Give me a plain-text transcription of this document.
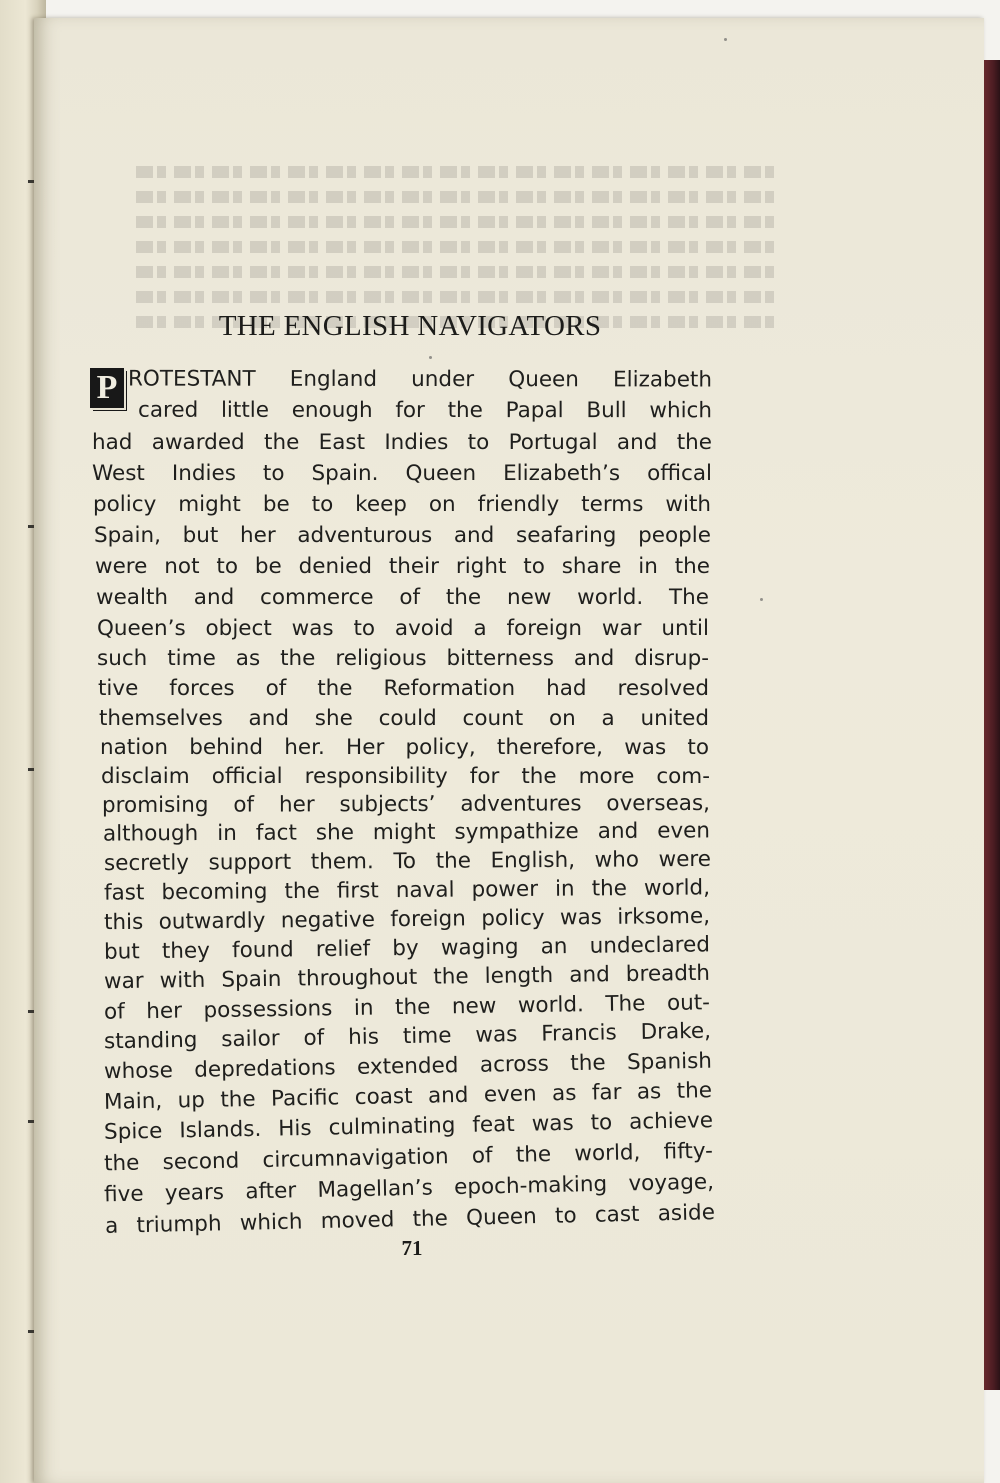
THE ENGLISH NAVIGATORS
P ROTESTANT England under Queen Elizabeth
cared little enough for the Papal Bull which
had awarded the East Indies to Portugal and the
West Indies to Spain. Queen Elizabeth’s offical
policy might be to keep on friendly terms with
Spain, but her adventurous and seafaring people
were not to be denied their right to share in the
wealth and commerce of the new world. The
Queen’s object was to avoid a foreign war until
such time as the religious bitterness and disrup-
tive forces of the Reformation had resolved
themselves and she could count on a united
nation behind her. Her policy, therefore, was to
disclaim official responsibility for the more com-
promising of her subjects’ adventures overseas,
although in fact she might sympathize and even
secretly support them. To the English, who were
fast becoming the first naval power in the world,
this outwardly negative foreign policy was irksome,
but they found relief by waging an undeclared
war with Spain throughout the length and breadth
of her possessions in the new world. The out-
standing sailor of his time was Francis Drake,
whose depredations extended across the Spanish
Main, up the Pacific coast and even as far as the
Spice Islands. His culminating feat was to achieve
the second circumnavigation of the world, fifty-
five years after Magellan’s epoch-making voyage,
a triumph which moved the Queen to cast aside
71
